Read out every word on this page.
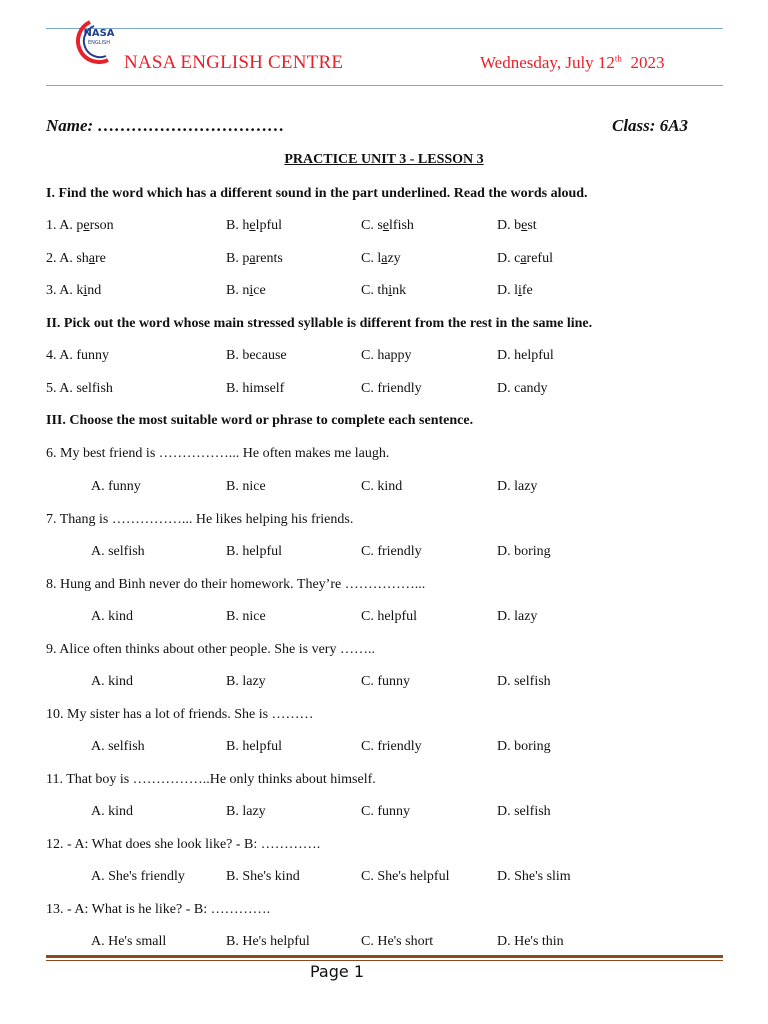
NASA
ENGLISH
NASA ENGLISH CENTRE	Wednesday, July 12th 2023
Name: ……………………………	Class: 6A3
PRACTICE UNIT 3 - LESSON 3
I. Find the word which has a different sound in the part underlined. Read the words aloud.
1. A. person	B. helpful	C. selfish	D. best
2. A. share	B. parents	C. lazy	D. careful
3. A. kind	B. nice	C. think	D. life
II. Pick out the word whose main stressed syllable is different from the rest in the same line.
4. A. funny	B. because	C. happy	D. helpful
5. A. selfish	B. himself	C. friendly	D. candy
III. Choose the most suitable word or phrase to complete each sentence.
6. My best friend is ……………... He often makes me laugh.
A. funny	B. nice	C. kind	D. lazy
7. Thang is ……………... He likes helping his friends.
A. selfish	B. helpful	C. friendly	D. boring
8. Hung and Binh never do their homework. They’re ……………...
A. kind	B. nice	C. helpful	D. lazy
9. Alice often thinks about other people. She is very ……..
A. kind	B. lazy	C. funny	D. selfish
10. My sister has a lot of friends. She is ………
A. selfish	B. helpful	C. friendly	D. boring
11. That boy is ……………..He only thinks about himself.
A. kind	B. lazy	C. funny	D. selfish
12. - A: What does she look like? - B: ………….
A. She's friendly	B. She's kind	C. She's helpful	D. She's slim
13. - A: What is he like? - B: ………….
A. He's small	B. He's helpful	C. He's short	D. He's thin
Page 1
